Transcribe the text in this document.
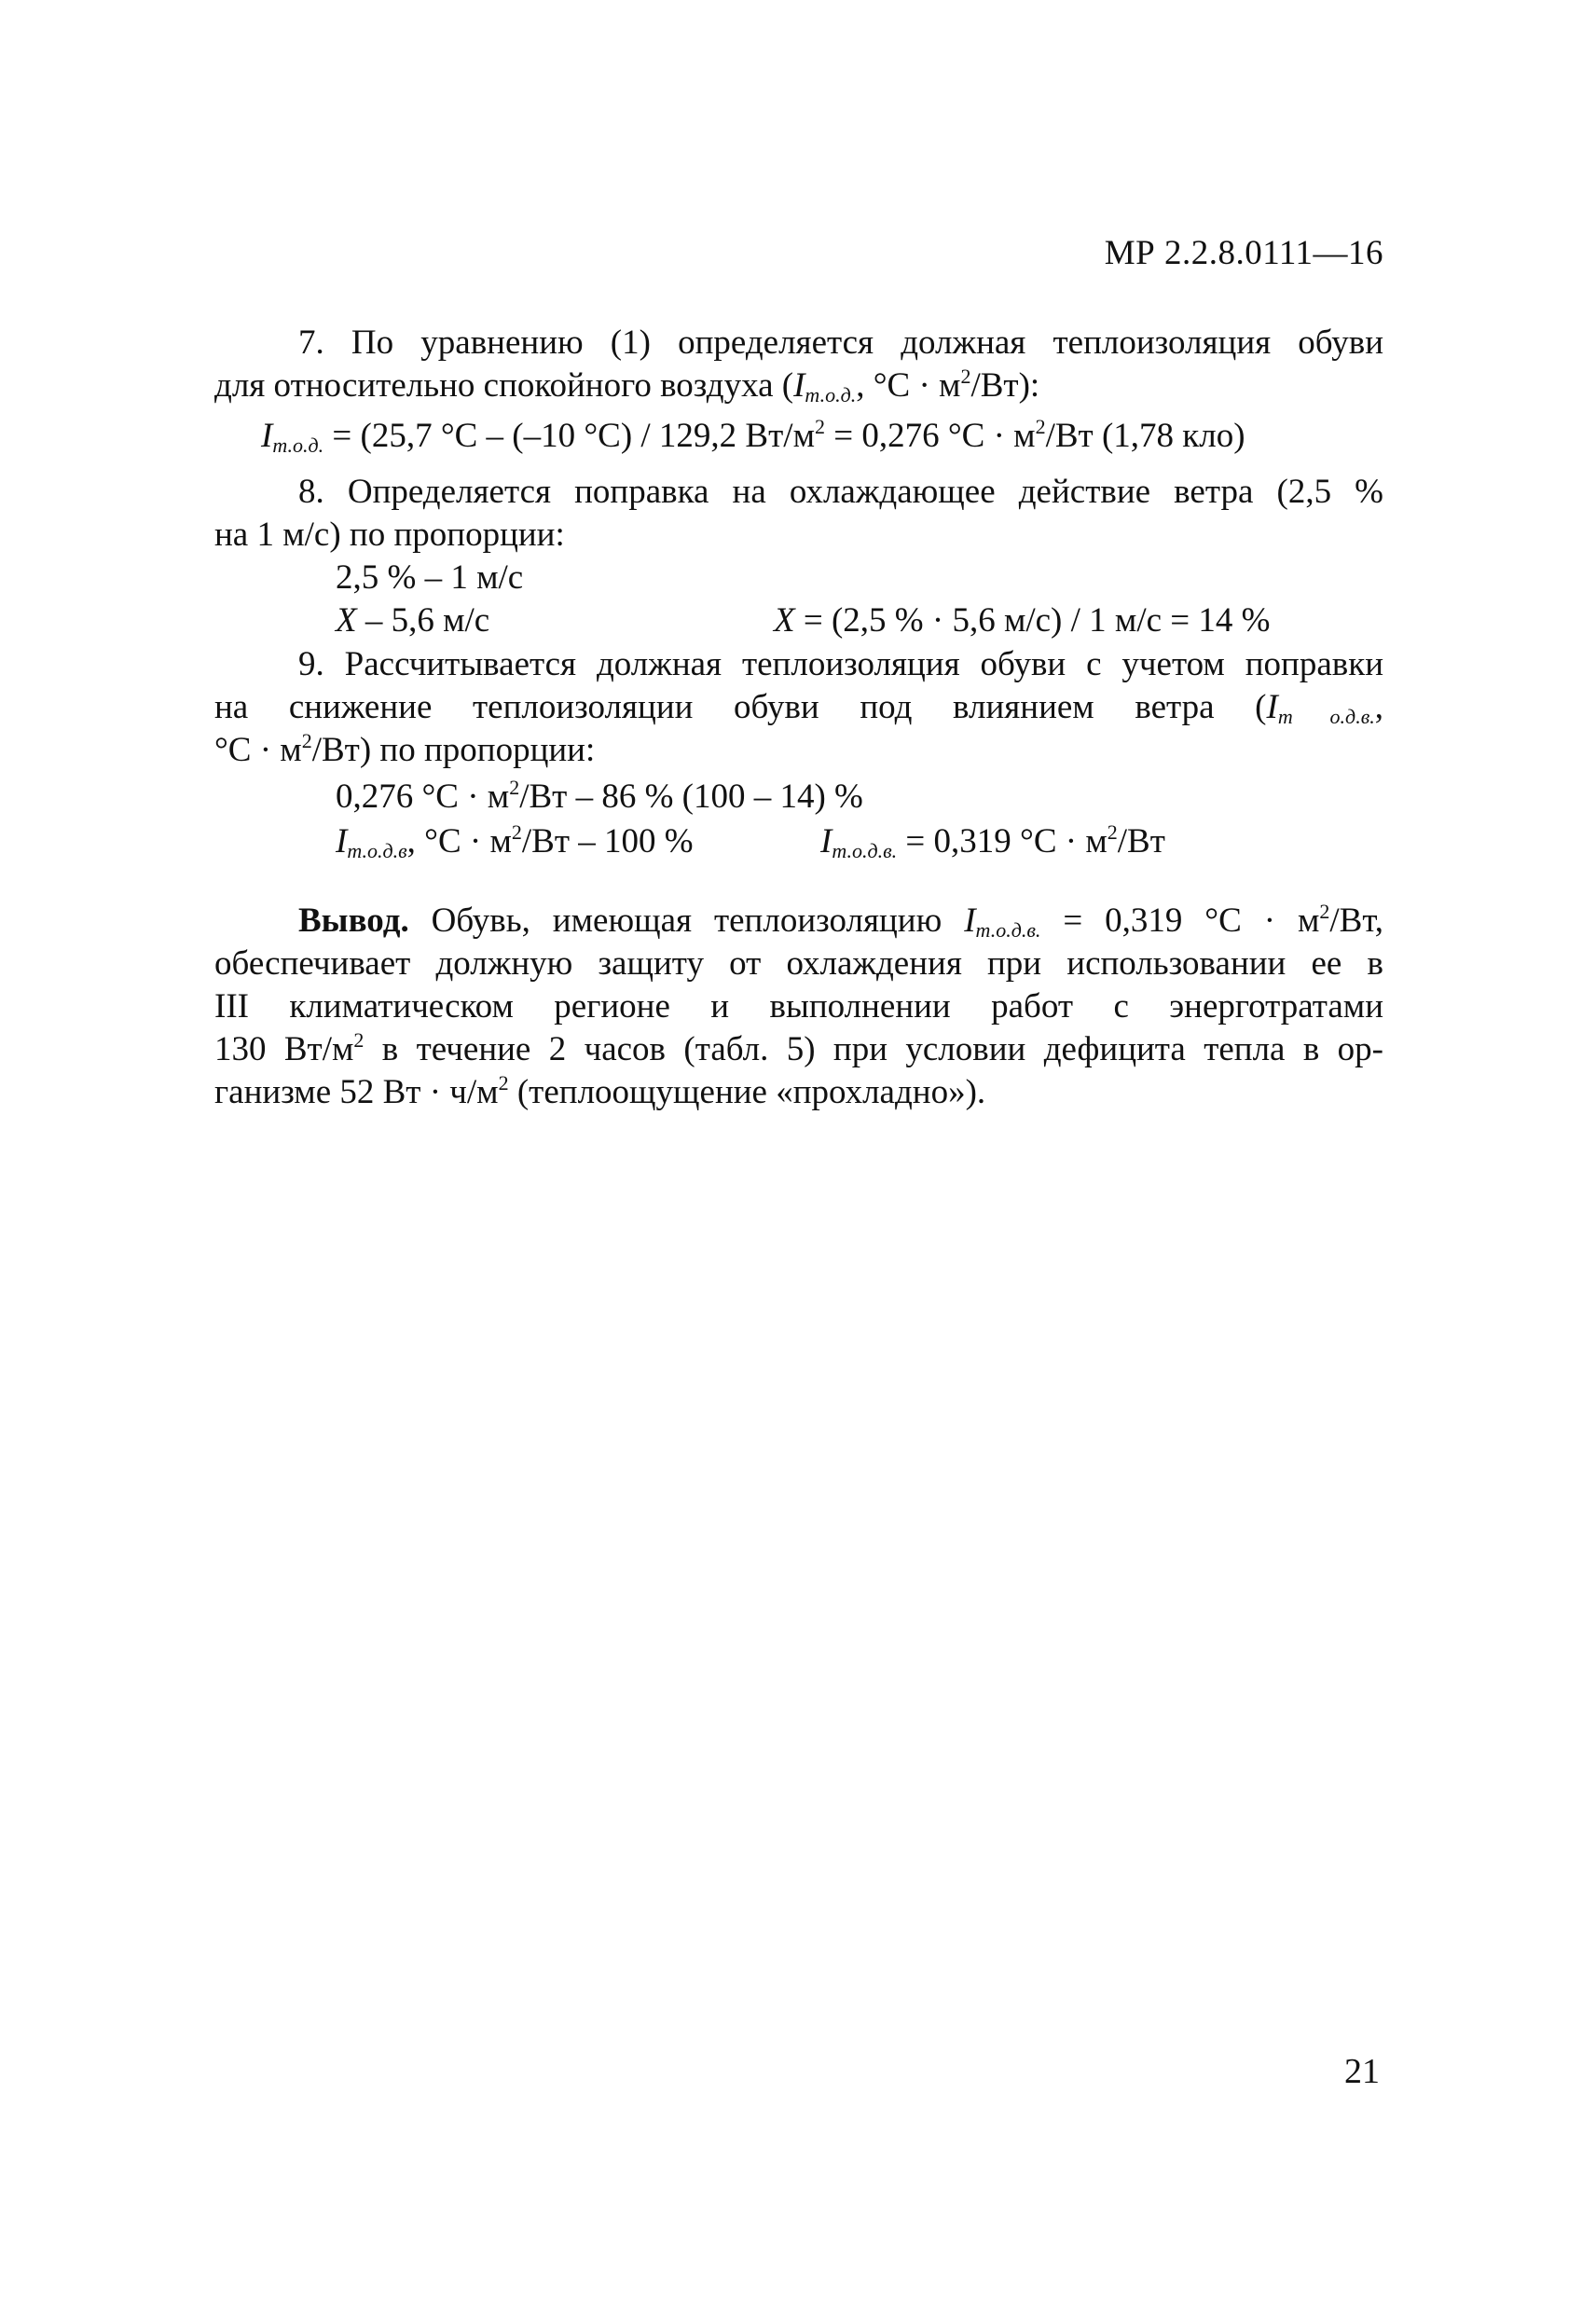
МР 2.2.8.0111—16
7. По уравнению (1) определяется должная теплоизоляция обуви
для относительно спокойного воздуха ($I_{т.о.д.}$, $^\circ С \cdot м^2/Вт$):
$I_{т.о.д.} = (25,7$ °С – (–10 °С) / 129,2 $Вт/м^2 = 0,276$ $^\circ С \cdot м^2/Вт$ (1,78 кло)
8. Определяется поправка на охлаждающее действие ветра (2,5 %
на 1 м/с) по пропорции:
2,5 % – 1 м/с
X – 5,6 м/с	X = (2,5 % · 5,6 м/с) / 1 м/с = 14 %
9. Рассчитывается должная теплоизоляция обуви с учетом поправки
на снижение теплоизоляции обуви под влиянием ветра ($I_{т о.д.в.}$,
$^\circ С \cdot м^2/Вт$) по пропорции:
0,276 $^\circ С \cdot м^2/Вт - 86$ % (100 – 14) %
$I_{т.о.д.в}$, $^\circ С \cdot м^2/Вт - 100$ %	$I_{т.о.д.в.} = 0,319$ $^\circ С \cdot м^2/Вт$
Вывод. Обувь, имеющая теплоизоляцию $I_{т.о.д.в.} = 0,319$ $^\circ С \cdot м^2/Вт$,
обеспечивает должную защиту от охлаждения при использовании ее в
III климатическом регионе и выполнении работ с энерготратами
130 $Вт/м^2$ в течение 2 часов (табл. 5) при условии дефицита тепла в ор-
ганизме 52 Вт · $ч/м^2$ (теплоощущение «прохладно»).
21
